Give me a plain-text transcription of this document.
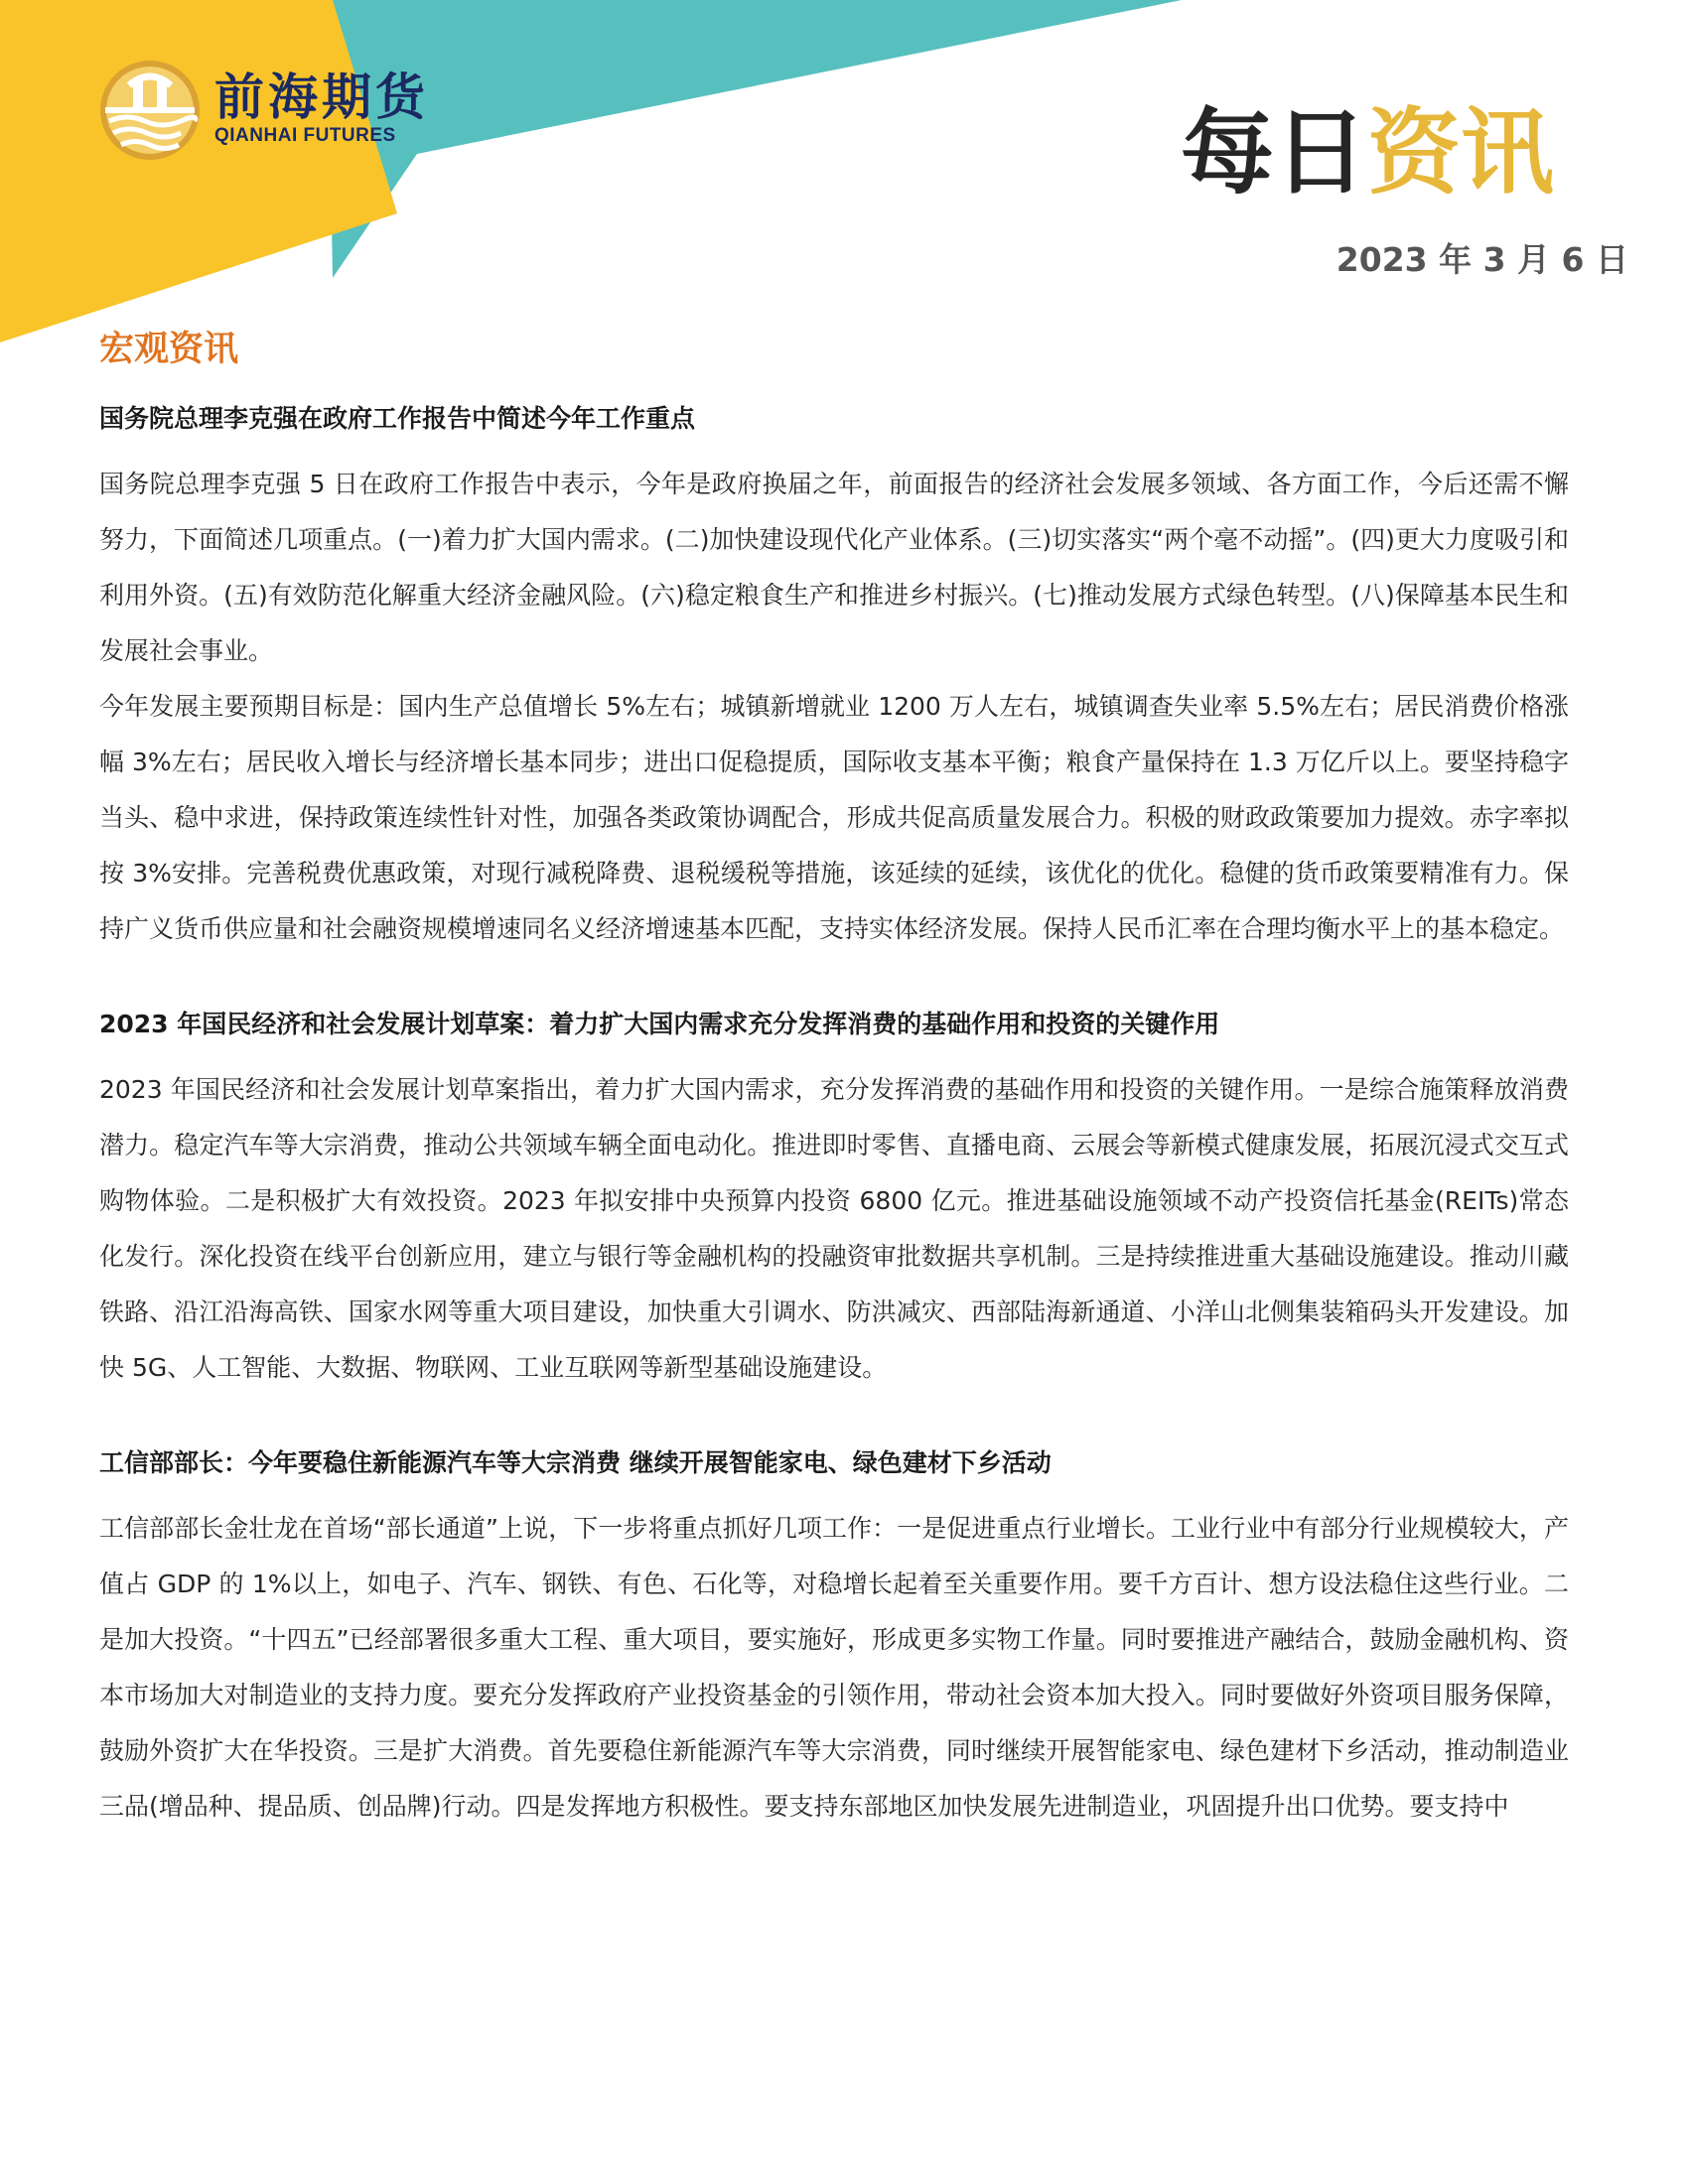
前海期货
QIANHAI FUTURES	每日资讯
2023 年 3 月 6 日
宏观资讯
国务院总理李克强在政府工作报告中简述今年工作重点

国务院总理李克强 5 日在政府工作报告中表示，今年是政府换届之年，前面报告的经济社会发展多领域、各方面工作，今后还需不懈努力，下面简述几项重点。(一)着力扩大国内需求。(二)加快建设现代化产业体系。(三)切实落实“两个毫不动摇”。(四)更大力度吸引和利用外资。(五)有效防范化解重大经济金融风险。(六)稳定粮食生产和推进乡村振兴。(七)推动发展方式绿色转型。(八)保障基本民生和发展社会事业。

今年发展主要预期目标是：国内生产总值增长 5%左右；城镇新增就业 1200 万人左右，城镇调查失业率 5.5%左右；居民消费价格涨幅 3%左右；居民收入增长与经济增长基本同步；进出口促稳提质，国际收支基本平衡；粮食产量保持在 1.3 万亿斤以上。要坚持稳字当头、稳中求进，保持政策连续性针对性，加强各类政策协调配合，形成共促高质量发展合力。积极的财政政策要加力提效。赤字率拟按 3%安排。完善税费优惠政策，对现行减税降费、退税缓税等措施，该延续的延续，该优化的优化。稳健的货币政策要精准有力。保持广义货币供应量和社会融资规模增速同名义经济增速基本匹配，支持实体经济发展。保持人民币汇率在合理均衡水平上的基本稳定。

2023 年国民经济和社会发展计划草案：着力扩大国内需求充分发挥消费的基础作用和投资的关键作用

2023 年国民经济和社会发展计划草案指出，着力扩大国内需求，充分发挥消费的基础作用和投资的关键作用。一是综合施策释放消费潜力。稳定汽车等大宗消费，推动公共领域车辆全面电动化。推进即时零售、直播电商、云展会等新模式健康发展，拓展沉浸式交互式购物体验。二是积极扩大有效投资。2023 年拟安排中央预算内投资 6800 亿元。推进基础设施领域不动产投资信托基金(REITs)常态化发行。深化投资在线平台创新应用，建立与银行等金融机构的投融资审批数据共享机制。三是持续推进重大基础设施建设。推动川藏铁路、沿江沿海高铁、国家水网等重大项目建设，加快重大引调水、防洪减灾、西部陆海新通道、小洋山北侧集装箱码头开发建设。加快 5G、人工智能、大数据、物联网、工业互联网等新型基础设施建设。

工信部部长：今年要稳住新能源汽车等大宗消费 继续开展智能家电、绿色建材下乡活动

工信部部长金壮龙在首场“部长通道”上说，下一步将重点抓好几项工作：一是促进重点行业增长。工业行业中有部分行业规模较大，产值占 GDP 的 1%以上，如电子、汽车、钢铁、有色、石化等，对稳增长起着至关重要作用。要千方百计、想方设法稳住这些行业。二是加大投资。“十四五”已经部署很多重大工程、重大项目，要实施好，形成更多实物工作量。同时要推进产融结合，鼓励金融机构、资本市场加大对制造业的支持力度。要充分发挥政府产业投资基金的引领作用，带动社会资本加大投入。同时要做好外资项目服务保障，鼓励外资扩大在华投资。三是扩大消费。首先要稳住新能源汽车等大宗消费，同时继续开展智能家电、绿色建材下乡活动，推动制造业三品(增品种、提品质、创品牌)行动。四是发挥地方积极性。要支持东部地区加快发展先进制造业，巩固提升出口优势。要支持中
